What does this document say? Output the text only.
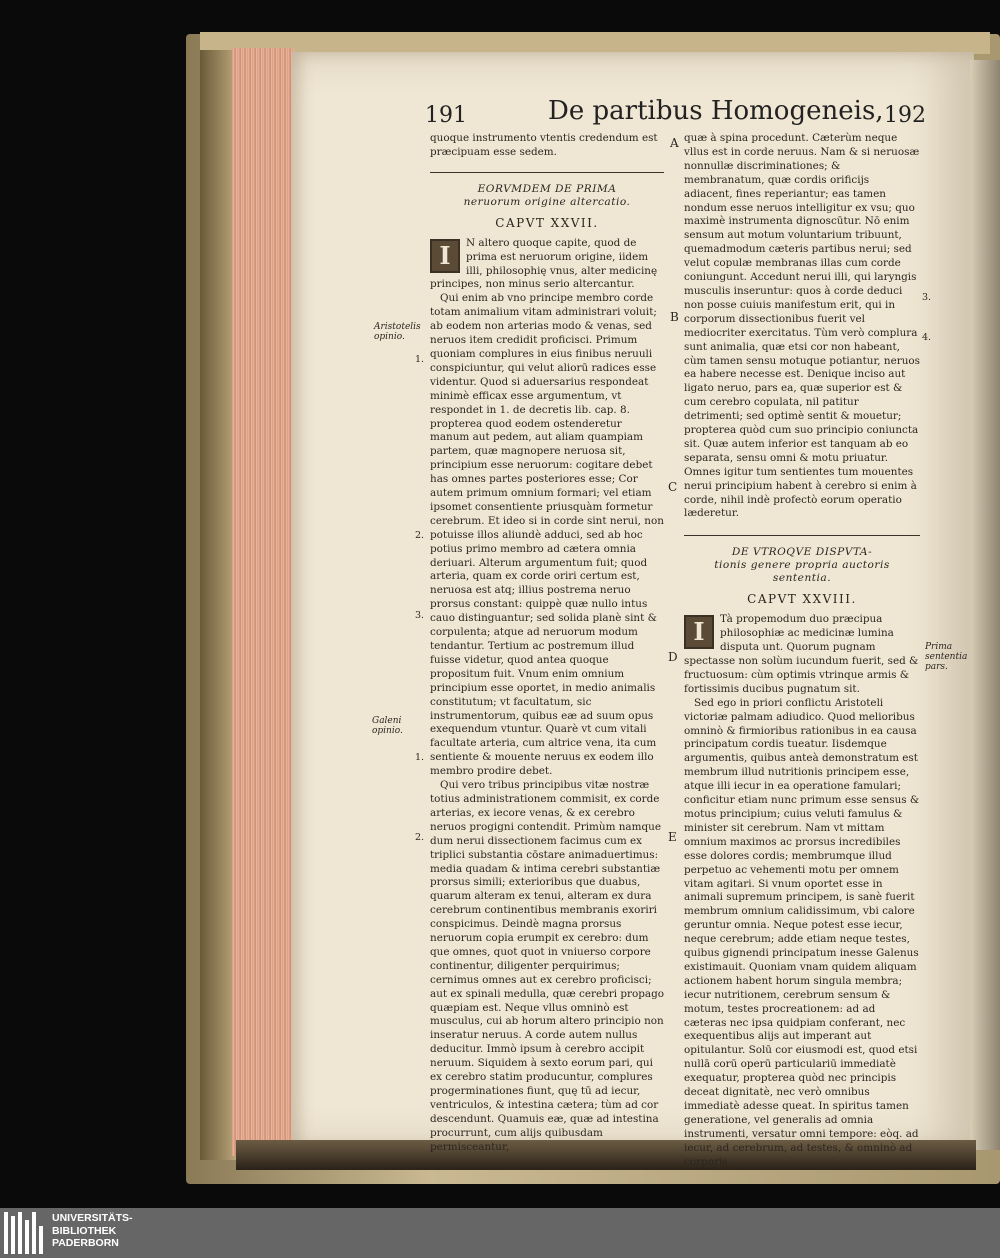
191	De partibus Homogeneis, 192

quoque instrumento vtentis credendum est præcipuam esse sedem.

EORVMDEM DE PRIMA
neruorum origine altercatio.
CAPVT XXVII.

I	N altero quoque capite, quod de prima est neruorum origine, iidem illi, philosophię vnus, alter medicinę principes, non minus serio altercantur.

Qui enim ab vno principe membro corde totam animalium vitam administrari voluit; ab eodem non arterias modo & venas, sed neruos item credidit proficisci. Primum quoniam complures in eius finibus neruuli conspiciuntur, qui velut aliorū radices esse videntur. Quod si aduersarius respondeat minimè efficax esse argumentum, vt respondet in 1. de decretis lib. cap. 8. propterea quod eodem ostenderetur manum aut pedem, aut aliam quampiam partem, quæ magnopere neruosa sit, principium esse neruorum: cogitare debet has omnes partes posteriores esse; Cor autem primum omnium formari; vel etiam ipsomet consentiente priusquàm formetur cerebrum. Et ideo si in corde sint nerui, non potuisse illos aliundè adduci, sed ab hoc potius primo membro ad cætera omnia deriuari. Alterum argumentum fuit; quod arteria, quam ex corde oriri certum est, neruosa est atq; illius postrema neruo prorsus constant: quippè quæ nullo intus cauo distinguantur; sed solida planè sint & corpulenta; atque ad neruorum modum tendantur. Tertium ac postremum illud fuisse videtur, quod antea quoque propositum fuit. Vnum enim omnium principium esse oportet, in medio animalis constitutum; vt facultatum, sic instrumentorum, quibus eæ ad suum opus exequendum vtuntur. Quarè vt cum vitali facultate arteria, cum altrice vena, ita cum sentiente & mouente neruus ex eodem illo membro prodire debet.

Qui vero tribus principibus vitæ nostræ totius administrationem commisit, ex corde arterias, ex iecore venas, & ex cerebro neruos progigni contendit. Primùm namque dum nerui dissectionem facimus cum ex triplici substantia cōstare animaduertimus: media quadam & intima cerebri substantiæ prorsus simili; exterioribus que duabus, quarum alteram ex tenui, alteram ex dura cerebrum continentibus membranis exoriri conspicimus. Deindè magna prorsus neruorum copia erumpit ex cerebro: dum que omnes, quot quot in vniuerso corpore continentur, diligenter perquirimus; cernimus omnes aut ex cerebro proficisci; aut ex spinali medulla, quæ cerebri propago quæpiam est. Neque vllus omninò est musculus, cui ab horum altero principio non inseratur neruus. A corde autem nullus deducitur. Immò ipsum à cerebro accipit neruum. Siquidem à sexto eorum pari, qui ex cerebro statim producuntur, complures progerminationes fiunt, quę tū ad iecur, ventriculos, & intestina cætera; tùm ad cor descendunt. Quamuis eæ, quæ ad intestina procurrunt, cum alijs quibusdam permisceantur,

quæ à spina procedunt. Cæterùm neque vllus est in corde neruus. Nam & si neruosæ nonnullæ discriminationes; & membranatum, quæ cordis orificijs adiacent, fines reperiantur; eas tamen nondum esse neruos intelligitur ex vsu; quo maximè instrumenta dignoscūtur. Nō enim sensum aut motum voluntarium tribuunt, quemadmodum cæteris partibus nerui; sed velut copulæ membranas illas cum corde coniungunt. Accedunt nerui illi, qui laryngis musculis inseruntur: quos à corde deduci non posse cuiuis manifestum erit, qui in corporum dissectionibus fuerit vel mediocriter exercitatus. Tùm verò complura sunt animalia, quæ etsi cor non habeant, cùm tamen sensu motuque potiantur, neruos ea habere necesse est. Denique inciso aut ligato neruo, pars ea, quæ superior est & cum cerebro copulata, nil patitur detrimenti; sed optimè sentit & mouetur; propterea quòd cum suo principio coniuncta sit. Quæ autem inferior est tanquam ab eo separata, sensu omni & motu priuatur. Omnes igitur tum sentientes tum mouentes nerui principium habent à cerebro si enim à corde, nihil indè profectò eorum operatio læderetur.

DE VTROQVE DISPVTA-
tionis genere propria auctoris
sententia.
CAPVT XXVIII.

I	Tà propemodum duo præcipua philosophiæ ac medicinæ lumina disputa unt. Quorum pugnam spectasse non solùm iucundum fuerit, sed & fructuosum: cùm optimis vtrinque armis & fortissimis ducibus pugnatum sit.

Sed ego in priori conflictu Aristoteli victoriæ palmam adiudico. Quod melioribus omninò & firmioribus rationibus in ea causa principatum cordis tueatur. Iisdemque argumentis, quibus anteà demonstratum est membrum illud nutritionis principem esse, atque illi iecur in ea operatione famulari; conficitur etiam nunc primum esse sensus & motus principium; cuius veluti famulus & minister sit cerebrum. Nam vt mittam omnium maximos ac prorsus incredibiles esse dolores cordis; membrumque illud perpetuo ac vehementi motu per omnem vitam agitari. Si vnum oportet esse in animali supremum principem, is sanè fuerit membrum omnium calidissimum, vbi calore geruntur omnia. Neque potest esse iecur, neque cerebrum; adde etiam neque testes, quibus gignendi principatum inesse Galenus existimauit. Quoniam vnam quidem aliquam actionem habent horum singula membra; iecur nutritionem, cerebrum sensum & motum, testes procreationem: ad ad cæteras nec ipsa quidpiam conferant, nec exequentibus alijs aut imperant aut opitulantur. Solū cor eiusmodi est, quod etsi nullā corū operū particulariū immediatè exequatur, propterea quòd nec principis deceat dignitatè, nec verò omnibus immediatè adesse queat. In spiritus tamen generatione, vel generalis ad omnia instrumenti, versatur omni tempore: eòq. ad iecur, ad cerebrum, ad testes, & omninò ad corporis

Aristotelis opinio.
Galeni opinio.
Prima sententia pars.
A
B
C
D
E
1.
2.
3.
1.
2.
3.
4.
UNIVERSITÄTS-
BIBLIOTHEK
PADERBORN
